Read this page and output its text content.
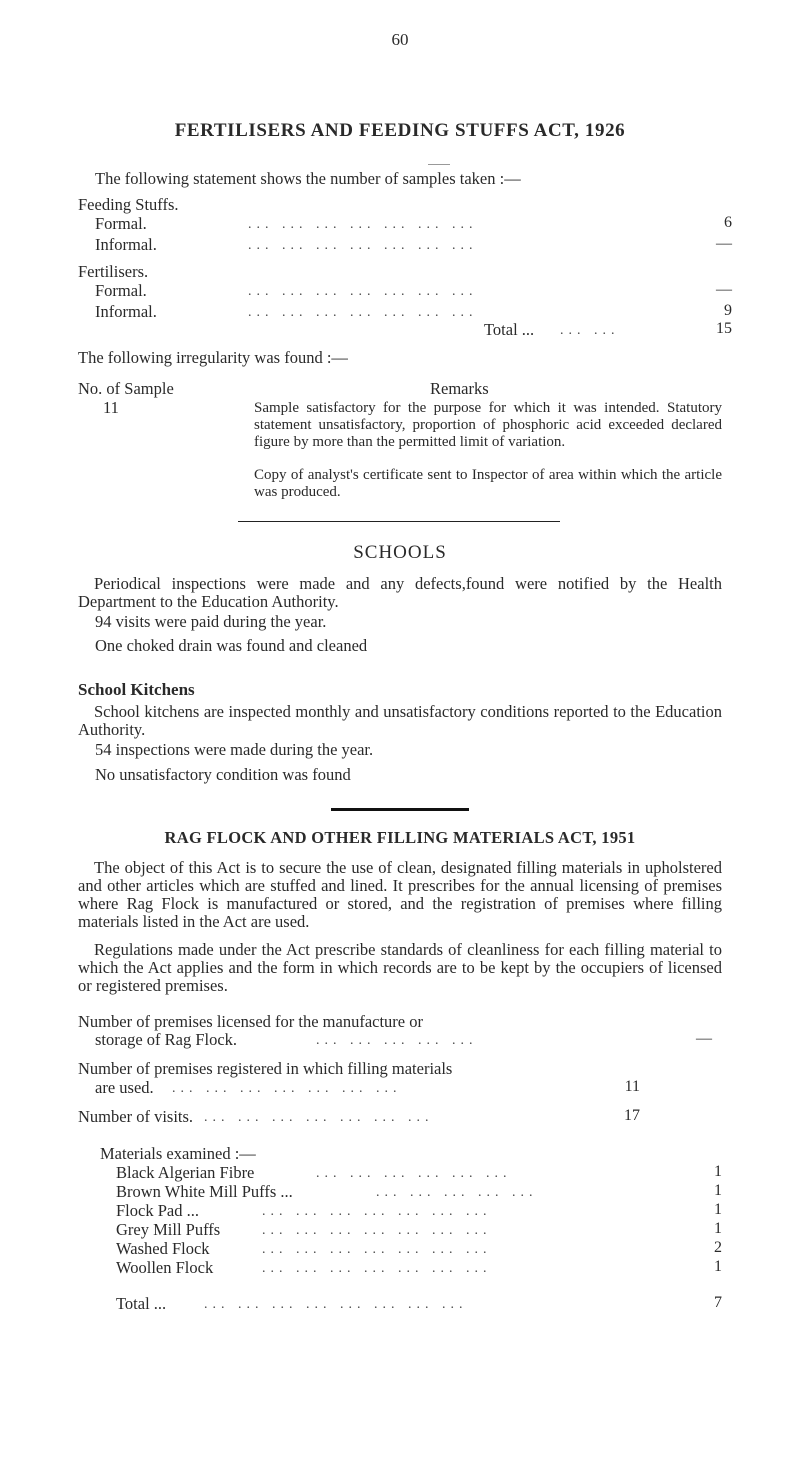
60
FERTILISERS AND FEEDING STUFFS ACT, 1926
The following statement shows the number of samples taken :—
Feeding Stuffs.
Formal.	... ... ... ... ... ... ...	6
Informal.	... ... ... ... ... ... ...	—
Fertilisers.
Formal.	... ... ... ... ... ... ...	—
Informal.	... ... ... ... ... ... ...	9
Total ... ... ...	15
The following irregularity was found :—
No. of Sample	Remarks
11	Sample satisfactory for the purpose for which it was intended. Statutory statement unsatisfactory, proportion of phosphoric acid exceeded declared figure by more than the permitted limit of variation.
Copy of analyst's certificate sent to Inspector of area within which the article was produced.
SCHOOLS
Periodical inspections were made and any defects,found were notified by the Health Department to the Education Authority.
94 visits were paid during the year.
One choked drain was found and cleaned
School Kitchens
School kitchens are inspected monthly and unsatisfactory conditions reported to the Education Authority.
54 inspections were made during the year.
No unsatisfactory condition was found
RAG FLOCK AND OTHER FILLING MATERIALS ACT, 1951
The object of this Act is to secure the use of clean, designated filling materials in upholstered and other articles which are stuffed and lined. It prescribes for the annual licensing of premises where Rag Flock is manufactured or stored, and the registration of premises where filling materials listed in the Act are used.
Regulations made under the Act prescribe standards of cleanliness for each filling material to which the Act applies and the form in which records are to be kept by the occupiers of licensed or registered premises.
Number of premises licensed for the manufacture or
storage of Rag Flock.	... ... ... ... ...	—
Number of premises registered in which filling materials
are used. ... ... ... ... ... ... ...	11
Number of visits. ... ... ... ... ... ... ...	17
Materials examined :—
Black Algerian Fibre	... ... ... ... ... ...	1
Brown White Mill Puffs ...	... ... ... ... ...	1
Flock Pad ...	... ... ... ... ... ... ...	1
Grey Mill Puffs	... ... ... ... ... ... ...	1
Washed Flock	... ... ... ... ... ... ...	2
Woollen Flock	... ... ... ... ... ... ...	1
Total ...	... ... ... ... ... ... ... ...	7
